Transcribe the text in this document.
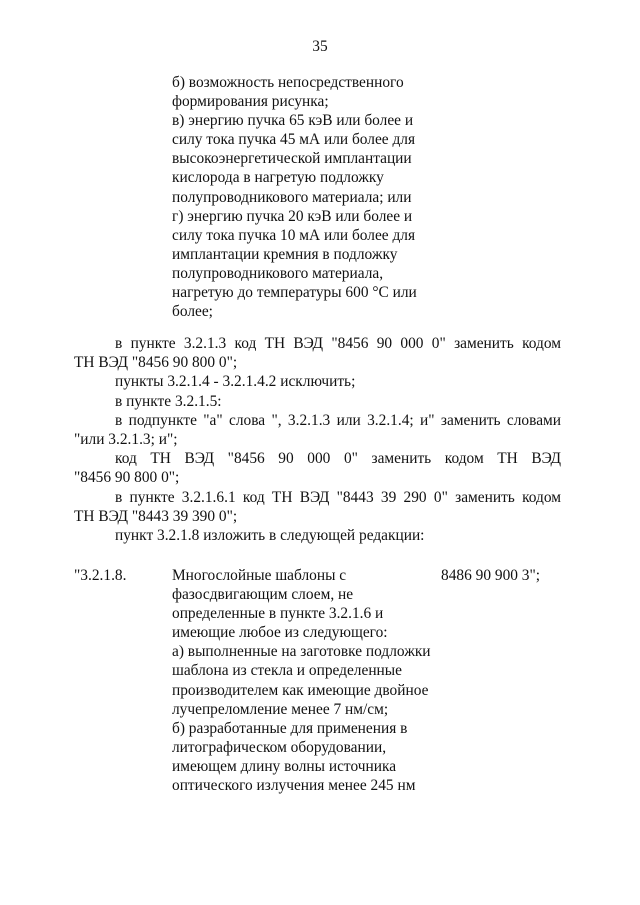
35
б) возможность непосредственного
формирования рисунка;
в) энергию пучка 65 кэВ или более и
силу тока пучка 45 мА или более для
высокоэнергетической имплантации
кислорода в нагретую подложку
полупроводникового материала; или
г) энергию пучка 20 кэВ или более и
силу тока пучка 10 мА или более для
имплантации кремния в подложку
полупроводникового материала,
нагретую до температуры 600 °С или
более;

в пункте 3.2.1.3 код ТН ВЭД "8456 90 000 0" заменить кодом

ТН ВЭД "8456 90 800 0";

пункты 3.2.1.4 - 3.2.1.4.2 исключить;

в пункте 3.2.1.5:

в подпункте "а" слова ", 3.2.1.3 или 3.2.1.4; и" заменить словами

"или 3.2.1.3; и";

код ТН ВЭД "8456 90 000 0" заменить кодом ТН ВЭД

"8456 90 800 0";

в пункте 3.2.1.6.1 код ТН ВЭД "8443 39 290 0" заменить кодом

ТН ВЭД "8443 39 390 0";

пункт 3.2.1.8 изложить в следующей редакции:

"3.2.1.8.	Многослойные шаблоны с
фазосдвигающим слоем, не
определенные в пункте 3.2.1.6 и
имеющие любое из следующего:
а) выполненные на заготовке подложки
шаблона из стекла и определенные
производителем как имеющие двойное
лучепреломление менее 7 нм/см;
б) разработанные для применения в
литографическом оборудовании,
имеющем длину волны источника
оптического излучения менее 245 нм
8486 90 900 3";
